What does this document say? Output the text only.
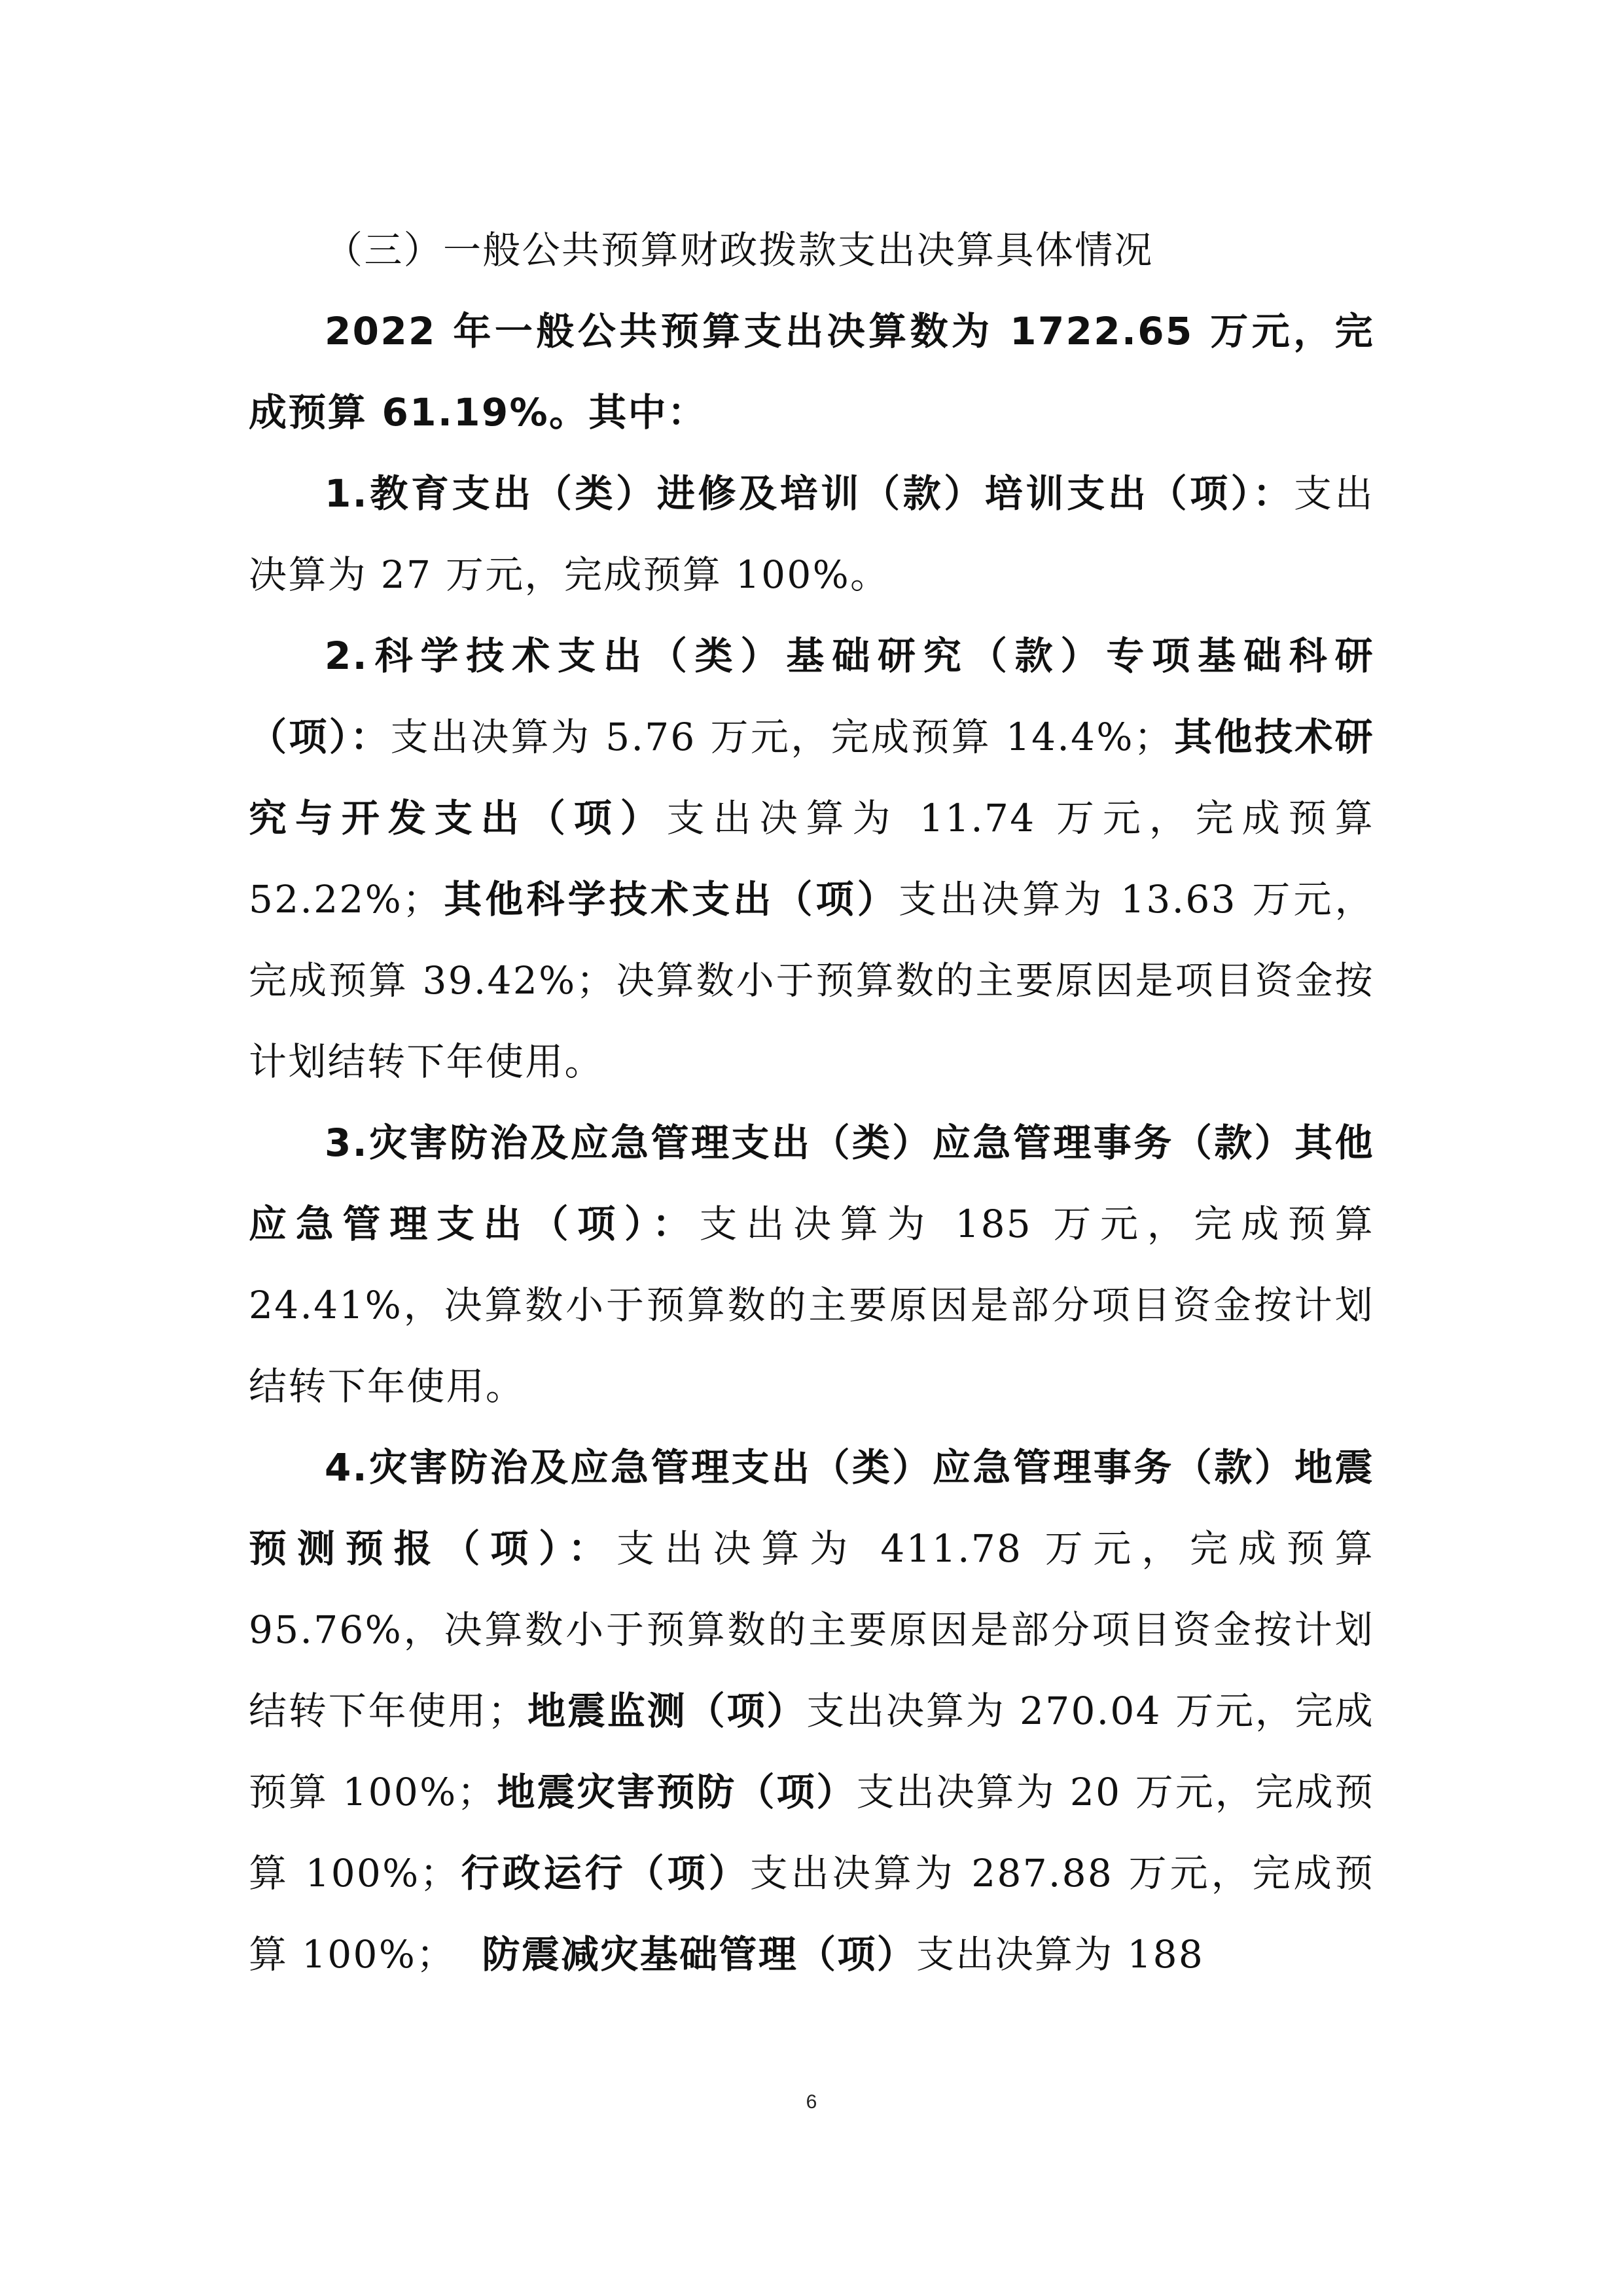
（三）一般公共预算财政拨款支出决算具体情况

2022 年一般公共预算支出决算数为 1722.65 万元，完成预算 61.19%。其中：

1.教育支出（类）进修及培训（款）培训支出（项）：支出决算为 27 万元，完成预算 100%。

2.科学技术支出（类）基础研究（款）专项基础科研（项）：支出决算为 5.76 万元，完成预算 14.4%；其他技术研究与开发支出（项）支出决算为 11.74 万元，完成预算 52.22%；其他科学技术支出（项）支出决算为 13.63 万元，完成预算 39.42%；决算数小于预算数的主要原因是项目资金按计划结转下年使用。

3.灾害防治及应急管理支出（类）应急管理事务（款）其他应急管理支出（项）：支出决算为 185 万元，完成预算 24.41%，决算数小于预算数的主要原因是部分项目资金按计划结转下年使用。

4.灾害防治及应急管理支出（类）应急管理事务（款）地震预测预报（项）：支出决算为 411.78 万元，完成预算 95.76%，决算数小于预算数的主要原因是部分项目资金按计划结转下年使用；地震监测（项）支出决算为 270.04 万元，完成预算 100%；地震灾害预防（项）支出决算为 20 万元，完成预算 100%；行政运行（项）支出决算为 287.88 万元，完成预算 100%； 防震减灾基础管理（项）支出决算为 188

6
